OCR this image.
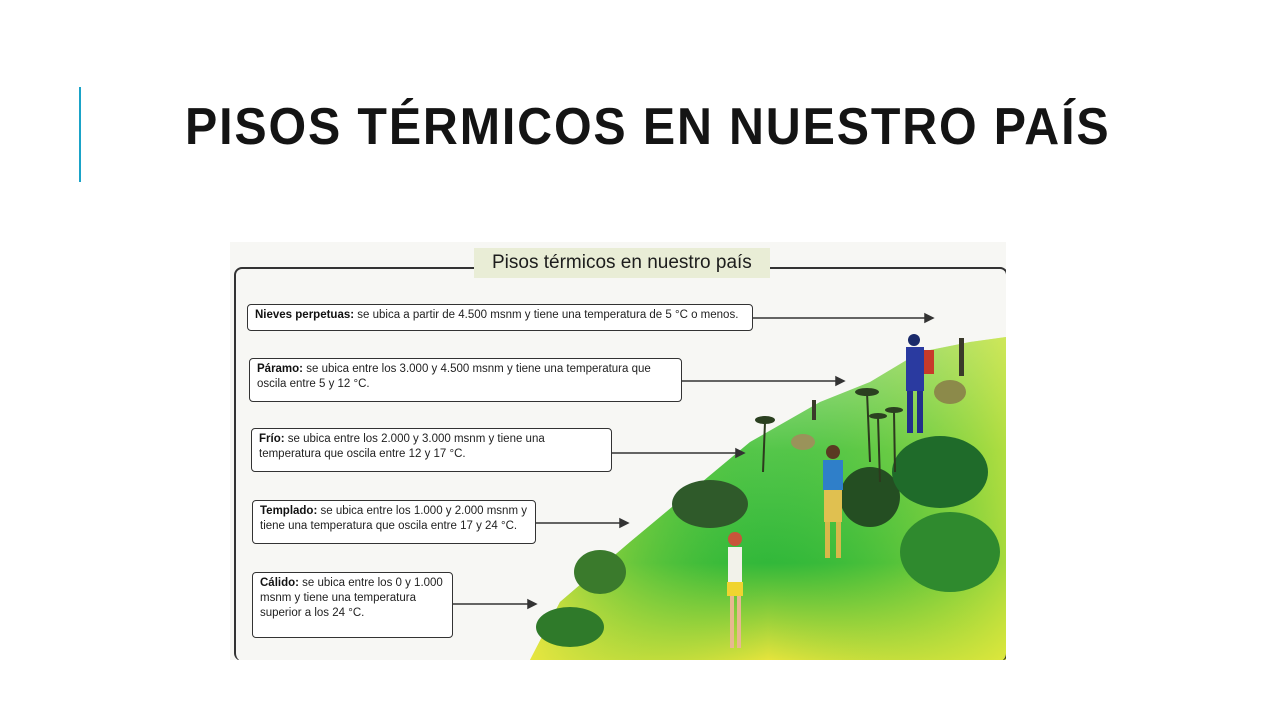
PISOS TÉRMICOS EN NUESTRO PAÍS
Pisos térmicos en nuestro país
Nieves perpetuas: se ubica a partir de 4.500 msnm y tiene una temperatura de 5 °C o menos.
Páramo: se ubica entre los 3.000 y 4.500 msnm y tiene una temperatura que oscila entre 5 y 12 °C.
Frío: se ubica entre los 2.000 y 3.000 msnm y tiene una temperatura que oscila entre 12 y 17 °C.
Templado: se ubica entre los 1.000 y 2.000 msnm y tiene una temperatura que oscila entre 17 y 24 °C.
Cálido: se ubica entre los 0 y 1.000 msnm y tiene una temperatura superior a los 24 °C.
